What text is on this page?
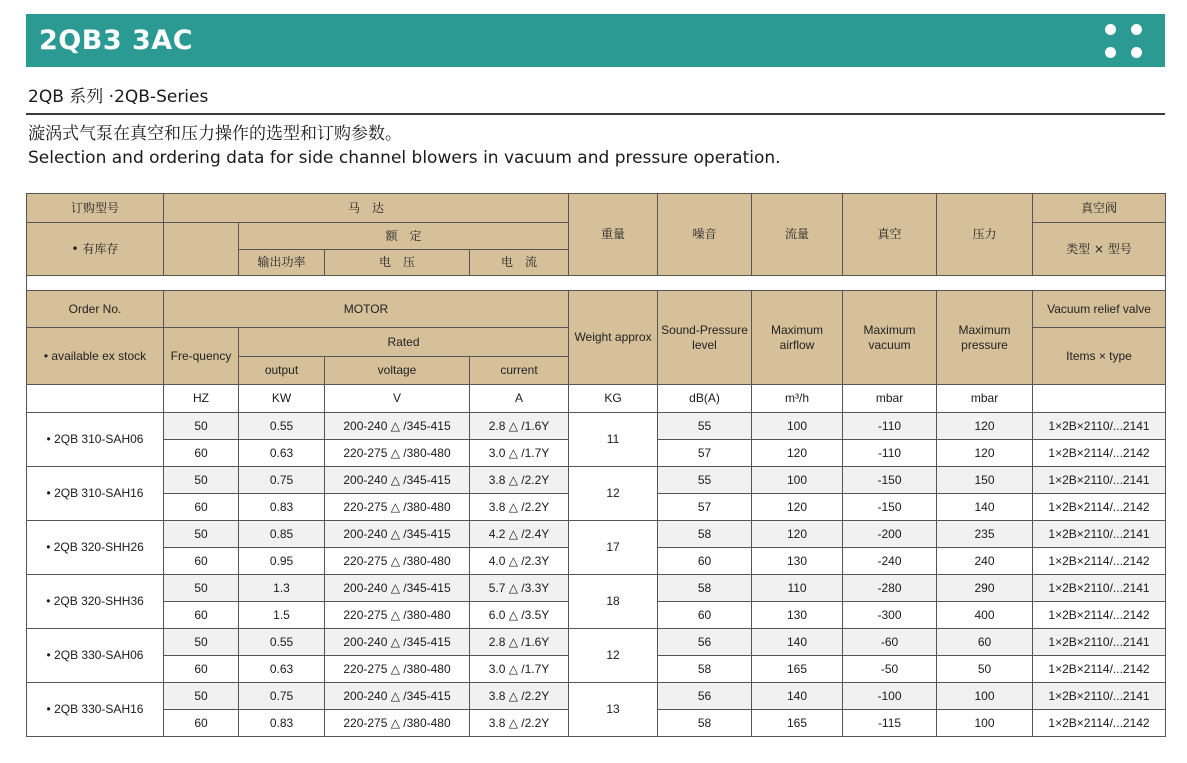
2QB3 3AC
2QB 系列 ·2QB-Series
漩涡式气泵在真空和压力操作的选型和订购参数。
Selection and ordering data for side channel blowers in vacuum and pressure operation.
订购型号	马　达				重量	噪音	流量	真空	压力	真空阀
• 有库存		额　定								类型 × 型号
		输出功率	电　压	电　流						

Order No.	MOTOR				Weight approx	Sound-Pressure level	Maximum airflow	Maximum vacuum	Maximum pressure	Vacuum relief valve
• available ex stock	Fre-quency	Rated								Items × type
		output	voltage	current						
	HZ	KW	V	A	KG	dB(A)	m³/h	mbar	mbar	
• 2QB 310-SAH06	50	0.55	200-240 △ /345-415	2.8 △ /1.6Y	11	55	100	-110	120	1×2B×2110/...2141
	60	0.63	220-275 △ /380-480	3.0 △ /1.7Y		57	120	-110	120	1×2B×2114/...2142
• 2QB 310-SAH16	50	0.75	200-240 △ /345-415	3.8 △ /2.2Y	12	55	100	-150	150	1×2B×2110/...2141
	60	0.83	220-275 △ /380-480	3.8 △ /2.2Y		57	120	-150	140	1×2B×2114/...2142
• 2QB 320-SHH26	50	0.85	200-240 △ /345-415	4.2 △ /2.4Y	17	58	120	-200	235	1×2B×2110/...2141
	60	0.95	220-275 △ /380-480	4.0 △ /2.3Y		60	130	-240	240	1×2B×2114/...2142
• 2QB 320-SHH36	50	1.3	200-240 △ /345-415	5.7 △ /3.3Y	18	58	110	-280	290	1×2B×2110/...2141
	60	1.5	220-275 △ /380-480	6.0 △ /3.5Y		60	130	-300	400	1×2B×2114/...2142
• 2QB 330-SAH06	50	0.55	200-240 △ /345-415	2.8 △ /1.6Y	12	56	140	-60	60	1×2B×2110/...2141
	60	0.63	220-275 △ /380-480	3.0 △ /1.7Y		58	165	-50	50	1×2B×2114/...2142
• 2QB 330-SAH16	50	0.75	200-240 △ /345-415	3.8 △ /2.2Y	13	56	140	-100	100	1×2B×2110/...2141
	60	0.83	220-275 △ /380-480	3.8 △ /2.2Y		58	165	-115	100	1×2B×2114/...2142
